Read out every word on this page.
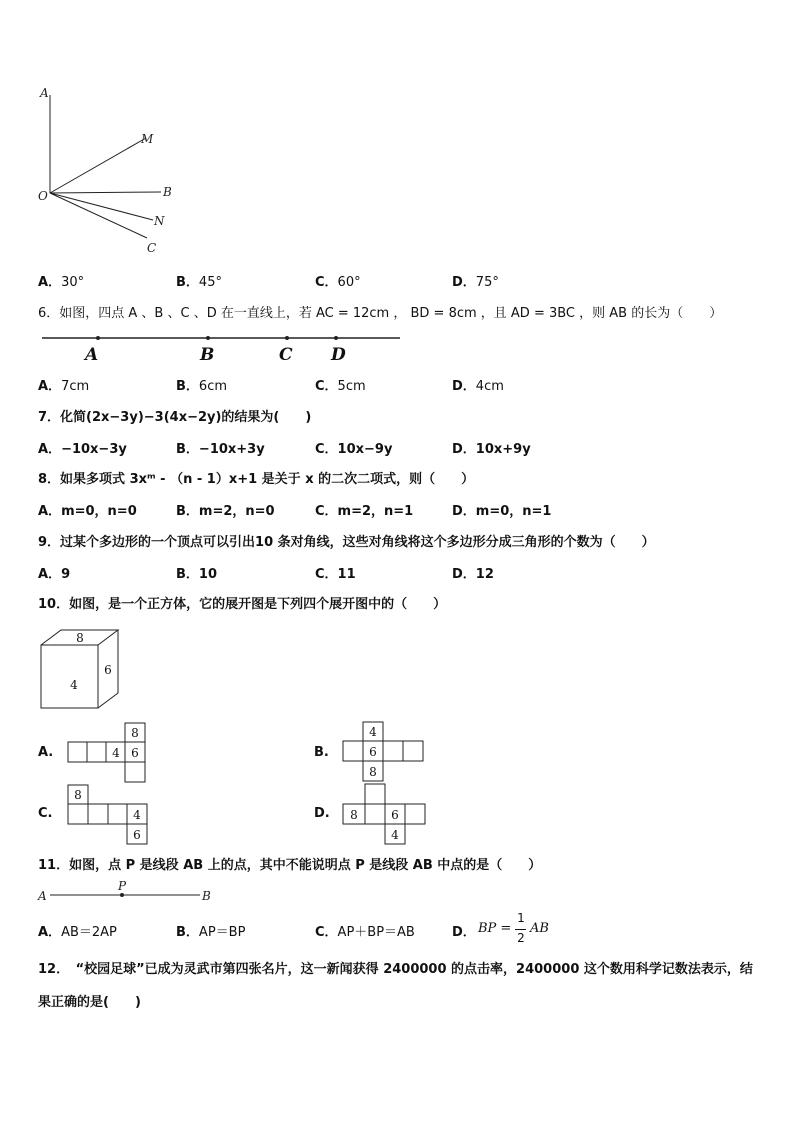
A
M
B
O
N
C
A．30°	B．45°	C．60°	D．75°
6．如图，四点 A 、B 、C 、D 在一直线上，若 AC = 12cm ， BD = 8cm ，且 AD = 3BC ，则 AB 的长为（　　）
A	B	C D
A．7cm	B．6cm	C．5cm	D．4cm
7．化简(2x−3y)−3(4x−2y)的结果为(　　)
A．−10x−3y	B．−10x+3y	C．10x−9y	D．10x+9y
8．如果多项式 3xᵐ - （n - 1）x+1 是关于 x 的二次二项式，则（　　）
A．m=0，n=0	B．m=2，n=0	C．m=2，n=1	D．m=0，n=1
9．过某个多边形的一个顶点可以引出10 条对角线，这些对角线将这个多边形分成三角形的个数为（　　）
A．9	B．10	C．11	D．12
10．如图，是一个正方体，它的展开图是下列四个展开图中的（　　）
8
6
4
A.	4
8
6	B.
4
6
8
C.
8
4
6
D. 8	6
4
11．如图，点 P 是线段 AB 上的点，其中不能说明点 P 是线段 AB 中点的是（　　）
A
P
B
A．AB＝2AP	B．AP＝BP	C．AP＋BP＝AB	D． BP =
1
2
AB
12．　“校园足球”已成为灵武市第四张名片，这一新闻获得 2400000 的点击率，2400000 这个数用科学记数法表示，结
果正确的是(　　)
